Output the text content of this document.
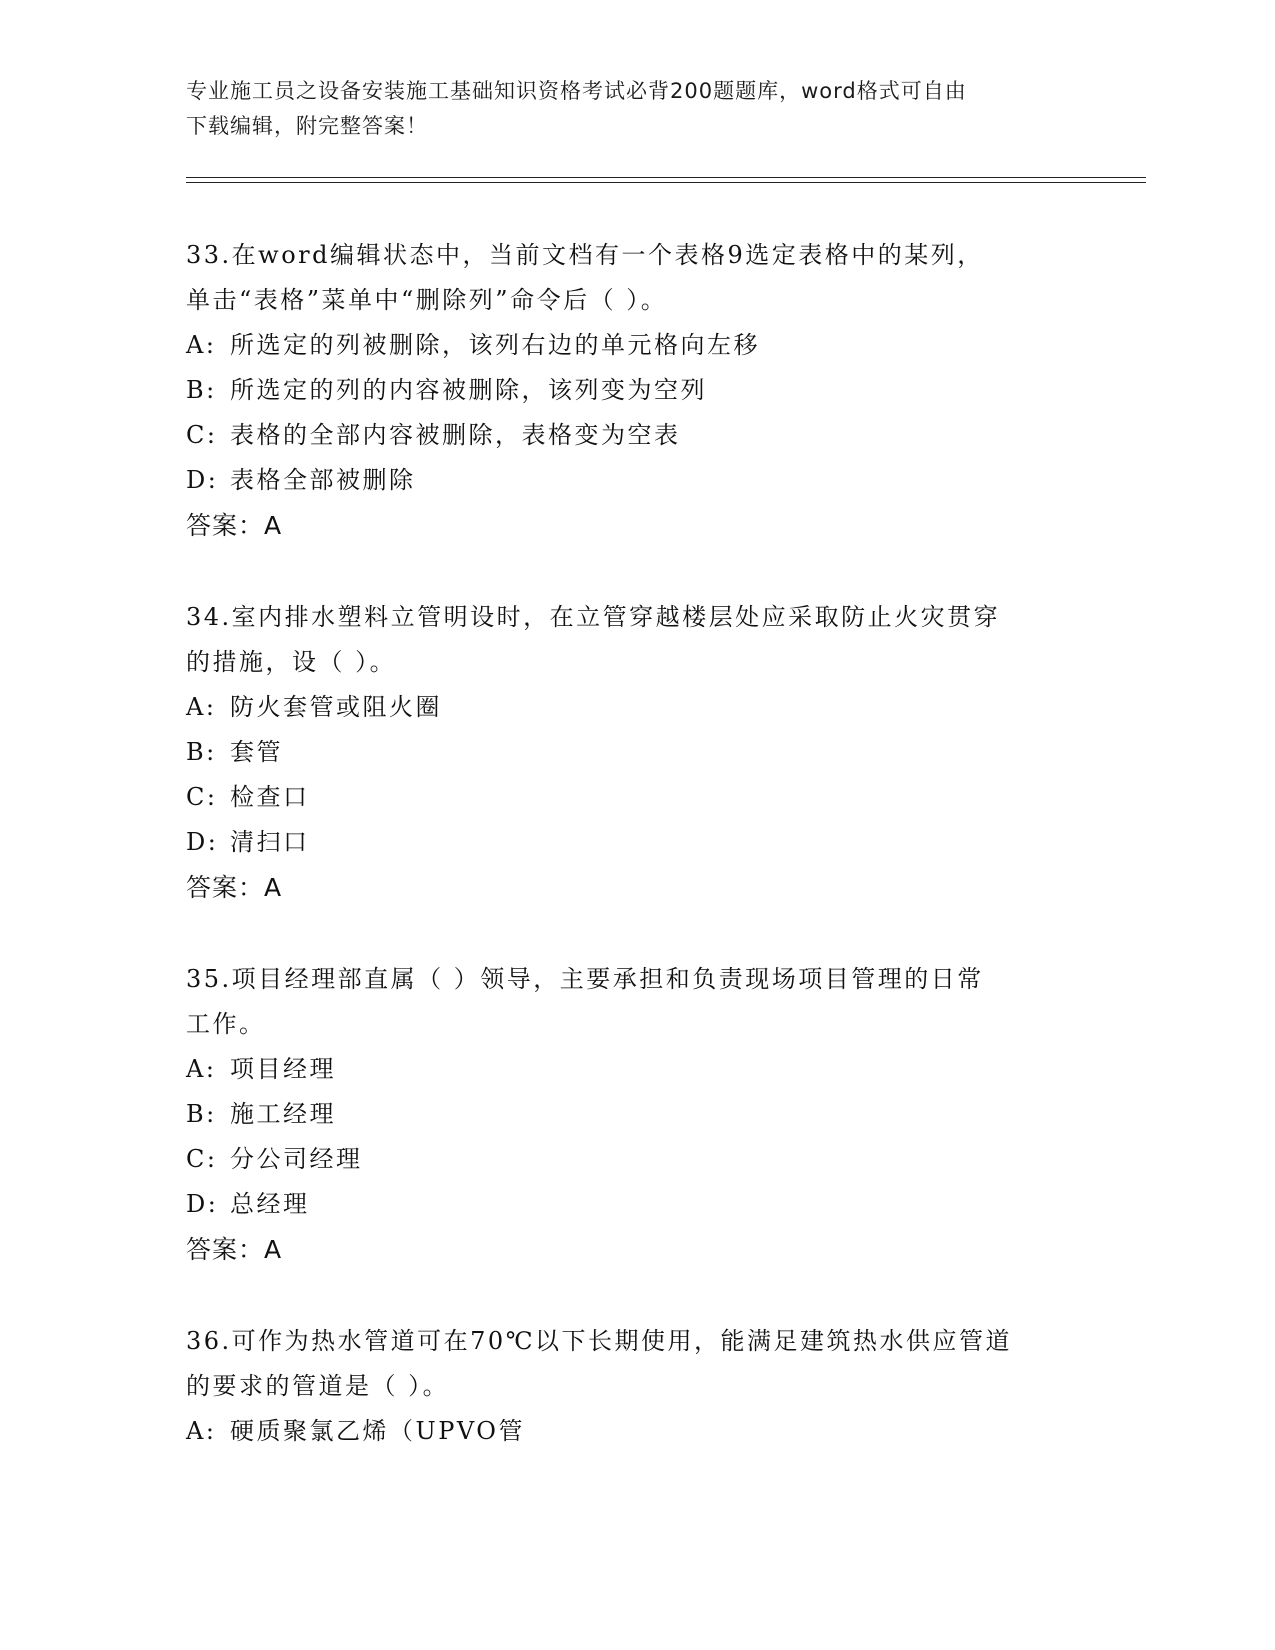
专业施工员之设备安装施工基础知识资格考试必背200题题库，word格式可自由
下载编辑，附完整答案！

33.在word编辑状态中，当前文档有一个表格9选定表格中的某列，

单击“表格”菜单中“删除列”命令后（ ）。

A: 所选定的列被删除，该列右边的单元格向左移

B: 所选定的列的内容被删除，该列变为空列

C: 表格的全部内容被删除，表格变为空表

D: 表格全部被删除

答案：A

34.室内排水塑料立管明设时，在立管穿越楼层处应采取防止火灾贯穿

的措施，设（ ）。

A: 防火套管或阻火圈

B: 套管

C: 检查口

D: 清扫口

答案：A

35.项目经理部直属（ ）领导，主要承担和负责现场项目管理的日常

工作。

A: 项目经理

B: 施工经理

C: 分公司经理

D: 总经理

答案：A

36.可作为热水管道可在70℃以下长期使用，能满足建筑热水供应管道

的要求的管道是（ ）。

A: 硬质聚氯乙烯（UPVO管
